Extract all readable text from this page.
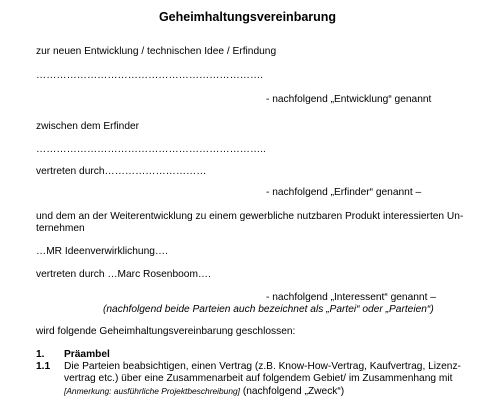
Geheimhaltungsvereinbarung
zur neuen Entwicklung / technischen Idee / Erfindung
………………………………………………………….
- nachfolgend „Entwicklung“ genannt
zwischen dem Erfinder
…………………………………………………………..
vertreten durch…………………………
- nachfolgend „Erfinder“ genannt –
und dem an der Weiterentwicklung zu einem gewerbliche nutzbaren Produkt interessierten Un-
ternehmen
…MR Ideenverwirklichung….
vertreten durch …Marc Rosenboom….
- nachfolgend „Interessent“ genannt –
(nachfolgend beide Parteien auch bezeichnet als „Partei“ oder „Parteien“)
wird folgende Geheimhaltungsvereinbarung geschlossen:
1. Präambel
1.1 Die Parteien beabsichtigen, einen Vertrag (z.B. Know-How-Vertrag, Kaufvertrag, Lizenz-
vertrag etc.) über eine Zusammenarbeit auf folgendem Gebiet/ im Zusammenhang mit
[Anmerkung: ausführliche Projektbeschreibung] (nachfolgend „Zweck“)
